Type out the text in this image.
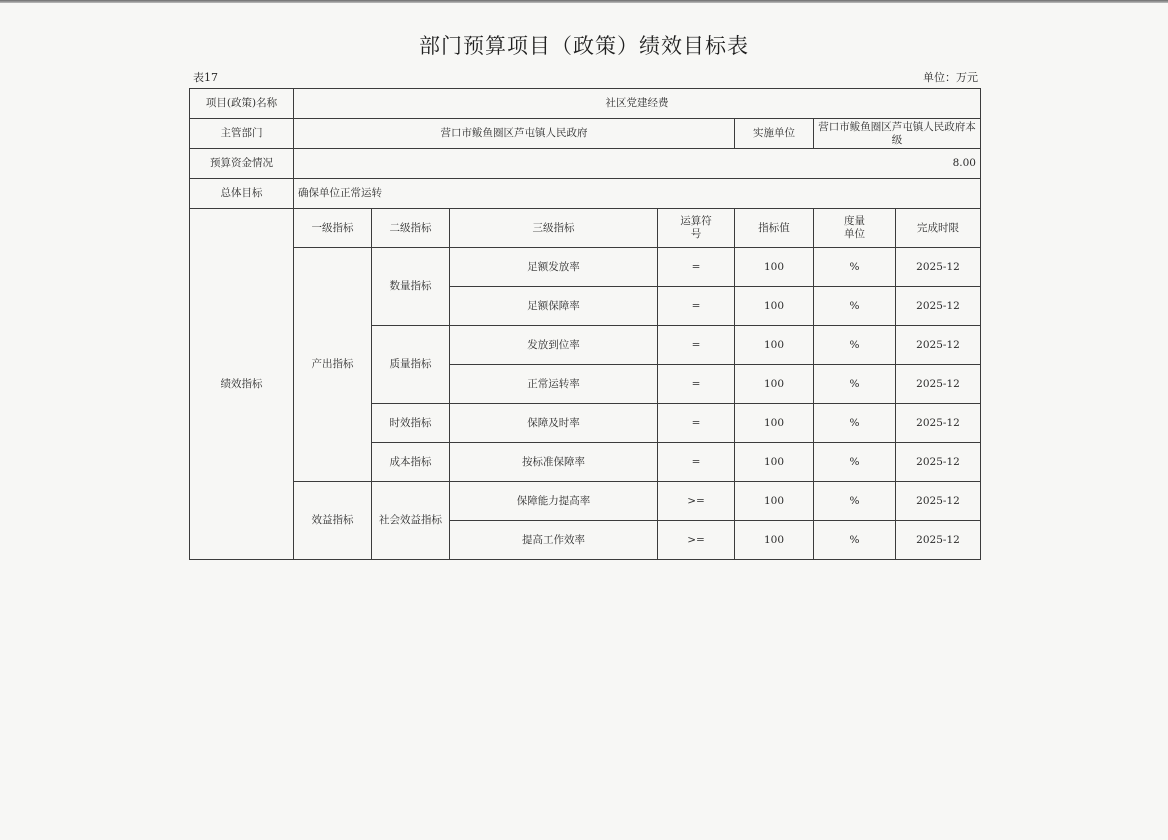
部门预算项目（政策）绩效目标表
表17	单位：万元
项目(政策)名称	社区党建经费						
主管部门	营口市鲅鱼圈区芦屯镇人民政府				实施单位	营口市鲅鱼圈区芦屯镇人民政府本级	
预算资金情况	8.00						
总体目标	确保单位正常运转						
绩效指标	一级指标	二级指标	三级指标	运算符号	指标值	度量单位	完成时限
	产出指标	数量指标	足额发放率	=	100	%	2025-12
			足额保障率	=	100	%	2025-12
		质量指标	发放到位率	=	100	%	2025-12
			正常运转率	=	100	%	2025-12
		时效指标	保障及时率	=	100	%	2025-12
		成本指标	按标准保障率	=	100	%	2025-12
	效益指标	社会效益指标	保障能力提高率	>=	100	%	2025-12
			提高工作效率	>=	100	%	2025-12
